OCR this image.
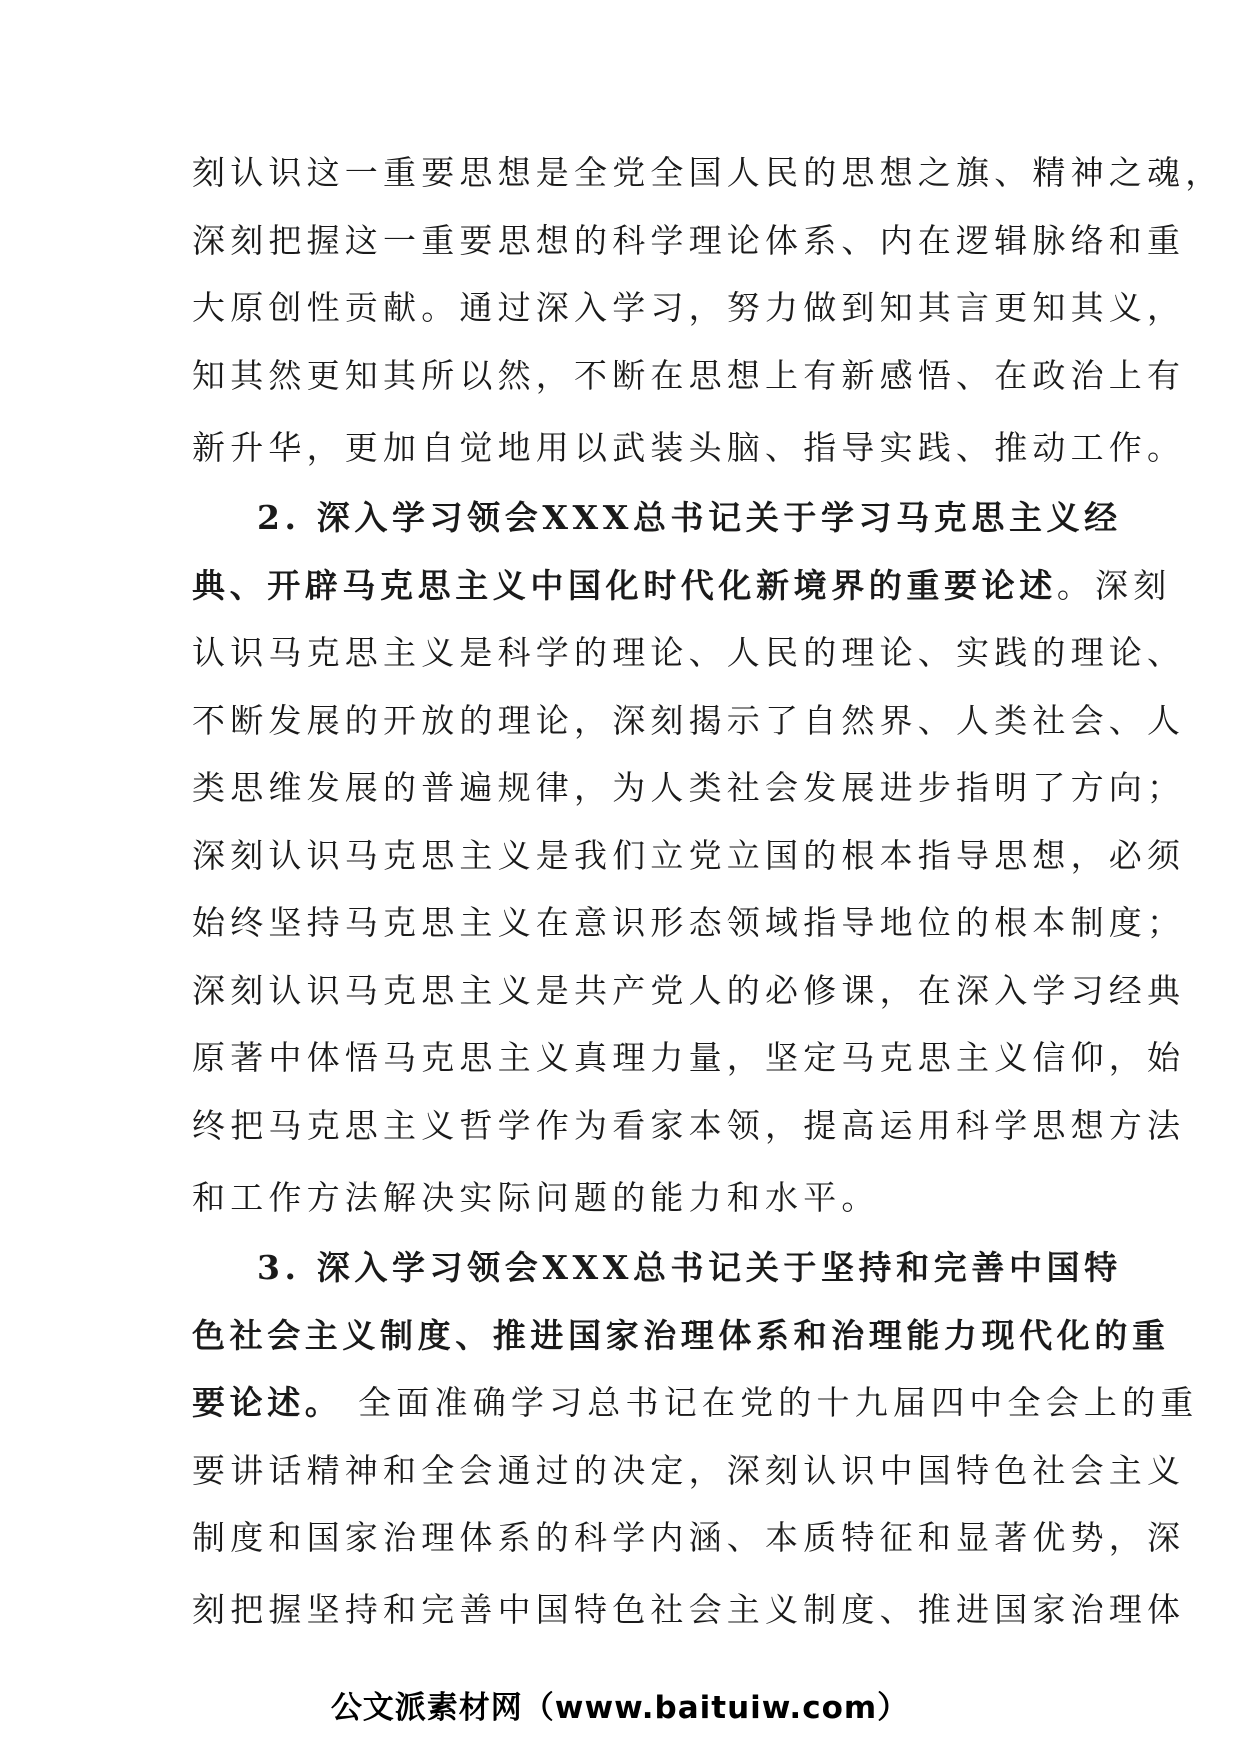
刻认识这一重要思想是全党全国人民的思想之旗、精神之魂，
深刻把握这一重要思想的科学理论体系、内在逻辑脉络和重
大原创性贡献。通过深入学习，努力做到知其言更知其义，
知其然更知其所以然，不断在思想上有新感悟、在政治上有
新升华，更加自觉地用以武装头脑、指导实践、推动工作。
2. 深入学习领会XXX总书记关于学习马克思主义经
典、开辟马克思主义中国化时代化新境界的重要论述。深刻
认识马克思主义是科学的理论、人民的理论、实践的理论、
不断发展的开放的理论，深刻揭示了自然界、人类社会、人
类思维发展的普遍规律，为人类社会发展进步指明了方向；
深刻认识马克思主义是我们立党立国的根本指导思想，必须
始终坚持马克思主义在意识形态领域指导地位的根本制度；
深刻认识马克思主义是共产党人的必修课，在深入学习经典
原著中体悟马克思主义真理力量，坚定马克思主义信仰，始
终把马克思主义哲学作为看家本领，提高运用科学思想方法
和工作方法解决实际问题的能力和水平。
3. 深入学习领会XXX总书记关于坚持和完善中国特
色社会主义制度、推进国家治理体系和治理能力现代化的重
要论述。 全面准确学习总书记在党的十九届四中全会上的重
要讲话精神和全会通过的决定，深刻认识中国特色社会主义
制度和国家治理体系的科学内涵、本质特征和显著优势，深
刻把握坚持和完善中国特色社会主义制度、推进国家治理体
公文派素材网（www.baituiw.com）
